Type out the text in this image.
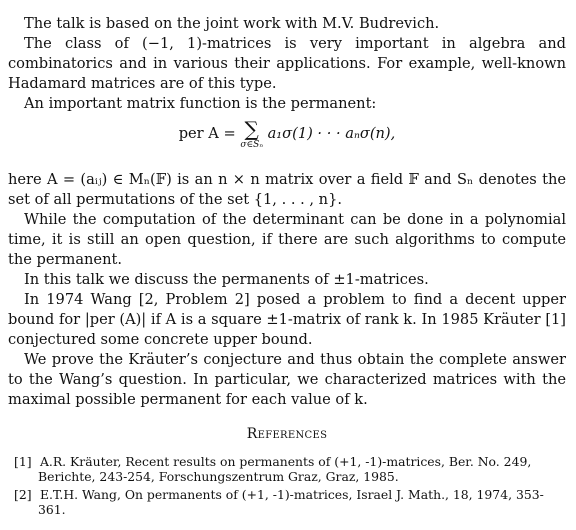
The talk is based on the joint work with M.V. Budrevich.

The class of (−1, 1)-matrices is very important in algebra and combinatorics and in various their applications. For example, well-known Hadamard matrices are of this type.

An important matrix function is the permanent:

per A = ∑
σ∈Sₙ
a₁σ(1) · · · aₙσ(n),

here A = (aᵢⱼ) ∈ Mₙ(𝔽) is an n × n matrix over a field 𝔽 and Sₙ denotes the set of all permutations of the set {1, . . . , n}.

While the computation of the determinant can be done in a polynomial time, it is still an open question, if there are such algorithms to compute the permanent.

In this talk we discuss the permanents of ±1-matrices.

In 1974 Wang [2, Problem 2] posed a problem to find a decent upper bound for |per (A)| if A is a square ±1-matrix of rank k. In 1985 Kräuter [1] conjectured some concrete upper bound.

We prove the Kräuter’s conjecture and thus obtain the complete answer to the Wang’s question. In particular, we characterized matrices with the maximal possible permanent for each value of k.

References
[1] A.R. Kräuter, Recent results on permanents of (+1, -1)-matrices, Ber. No. 249, Berichte, 243-254, Forschungszentrum Graz, Graz, 1985.
[2] E.T.H. Wang, On permanents of (+1, -1)-matrices, Israel J. Math., 18, 1974, 353-361.
